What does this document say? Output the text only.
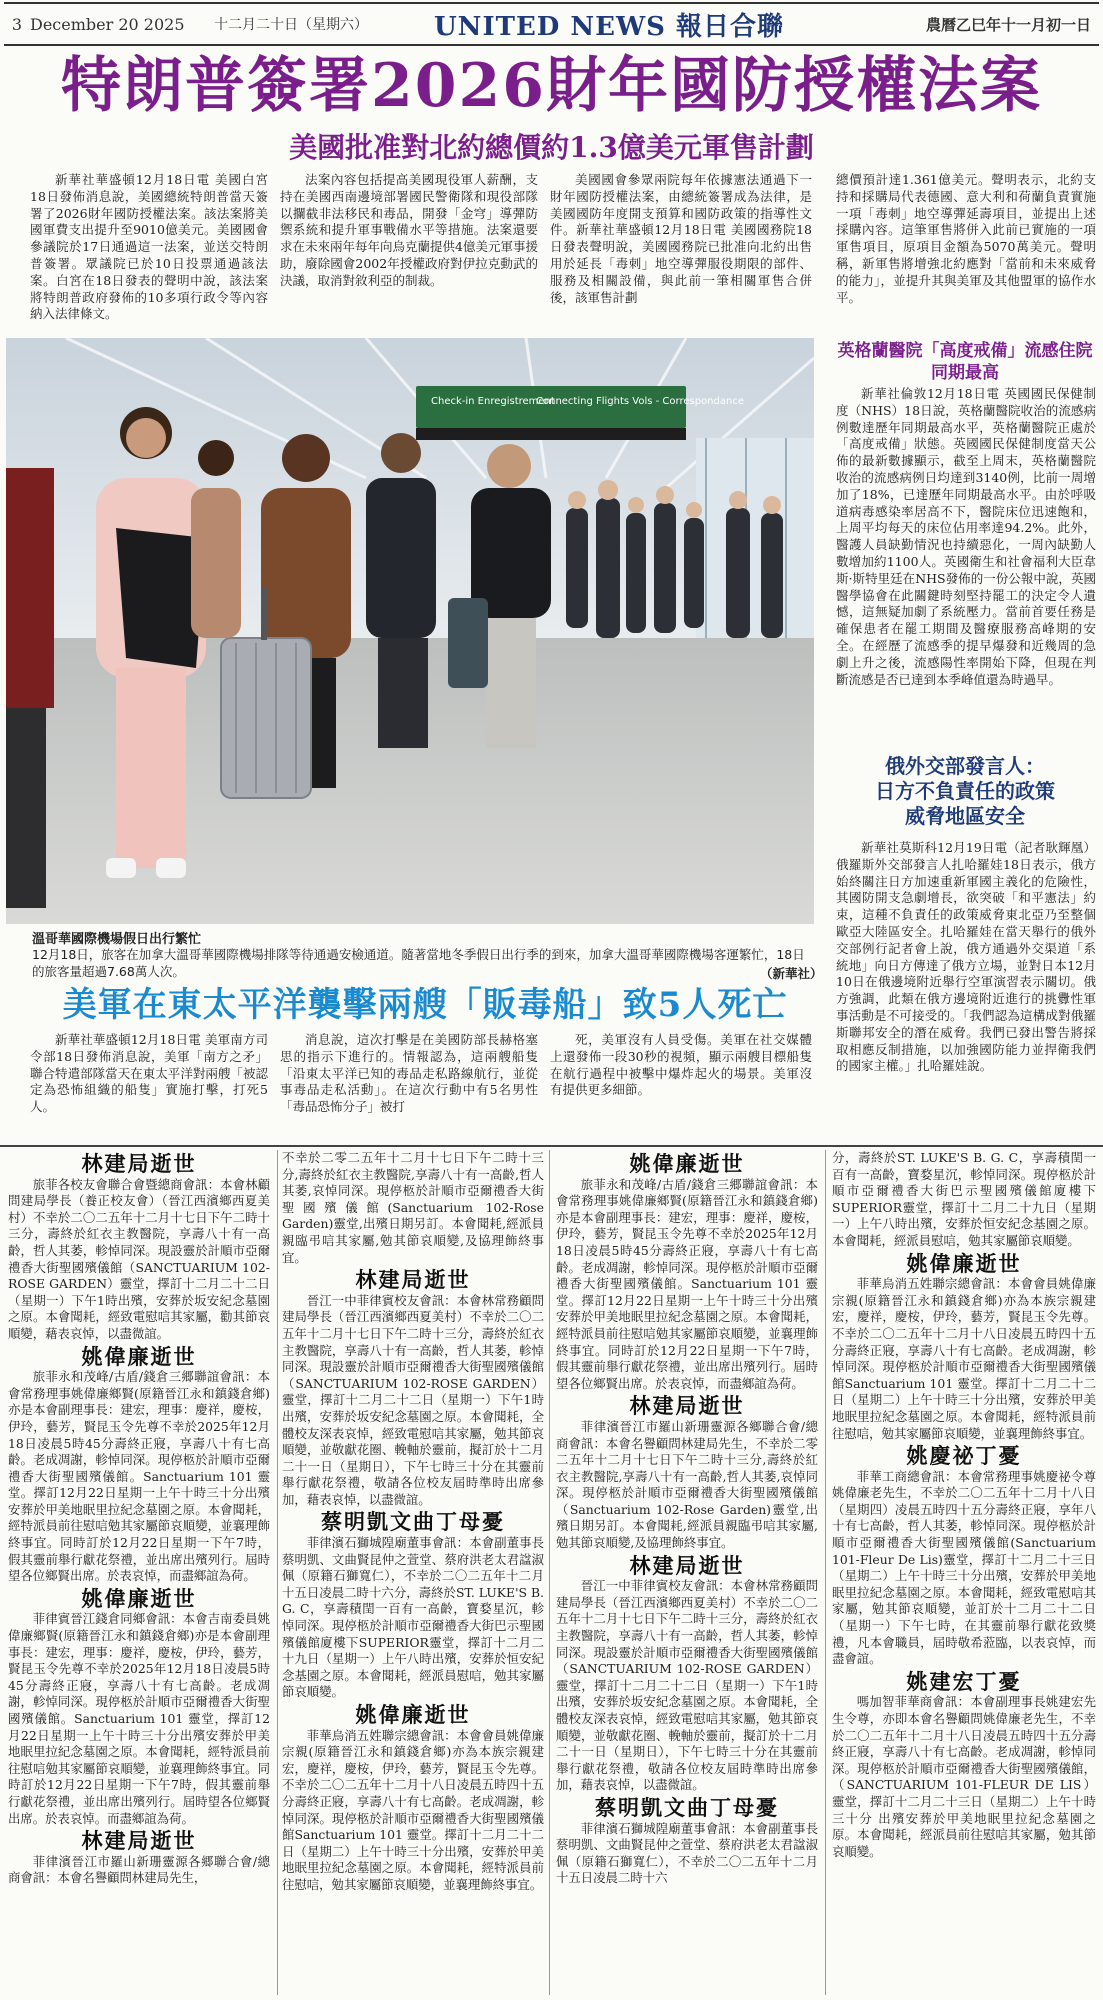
3 December 20 2025 十二月二十日（星期六）	UNITED NEWS 報日合聯	農曆乙巳年十一月初一日
特朗普簽署2026財年國防授權法案
美國批准對北約總價約1.3億美元軍售計劃

新華社華盛頓12月18日電 美國白宮18日發佈消息說，美國總統特朗普當天簽署了2026財年國防授權法案。該法案將美國軍費支出提升至9010億美元。美國國會參議院於17日通過這一法案，並送交特朗普簽署。眾議院已於10日投票通過該法案。白宮在18日發表的聲明中說，該法案將特朗普政府發佈的10多項行政令等內容納入法律條文。

法案內容包括提高美國現役軍人薪酬，支持在美國西南邊境部署國民警衛隊和現役部隊以攔截非法移民和毒品，開發「金穹」導彈防禦系統和提升軍事戰備水平等措施。法案還要求在未來兩年每年向烏克蘭提供4億美元軍事援助，廢除國會2002年授權政府對伊拉克動武的決議，取消對敘利亞的制裁。

美國國會參眾兩院每年依據憲法通過下一財年國防授權法案，由總統簽署成為法律，是美國國防年度開支預算和國防政策的指導性文件。新華社華盛頓12月18日電 美國國務院18日發表聲明說，美國國務院已批准向北約出售用於延長「毒刺」地空導彈服役期限的部件、服務及相關設備，與此前一筆相關軍售合併後，該軍售計劃

總價預計達1.361億美元。聲明表示，北約支持和採購局代表德國、意大利和荷蘭負責實施一項「毒刺」地空導彈延壽項目，並提出上述採購內容。這筆軍售將併入此前已實施的一項軍售項目，原項目金額為5070萬美元。聲明稱，新軍售將增強北約應對「當前和未來威脅的能力」，並提升其與美軍及其他盟軍的協作水平。

Check-in Enregistrement
Connecting Flights Vols - Correspondance
溫哥華國際機場假日出行繁忙
12月18日，旅客在加拿大溫哥華國際機場排隊等待通過安檢通道。隨著當地冬季假日出行季的到來，加拿大溫哥華國際機場客運繁忙，18日的旅客量超過7.68萬人次。	（新華社）
英格蘭醫院「高度戒備」流感住院同期最高

新華社倫敦12月18日電 英國國民保健制度（NHS）18日說，英格蘭醫院收治的流感病例數達歷年同期最高水平，英格蘭醫院正處於「高度戒備」狀態。英國國民保健制度當天公佈的最新數據顯示，截至上周末，英格蘭醫院收治的流感病例日均達到3140例，比前一周增加了18%，已達歷年同期最高水平。由於呼吸道病毒感染率居高不下，醫院床位迅速飽和，上周平均每天的床位佔用率達94.2%。此外，醫護人員缺勤情況也持續惡化，一周內缺勤人數增加約1100人。英國衛生和社會福利大臣韋斯·斯特里廷在NHS發佈的一份公報中說，英國醫學協會在此關鍵時刻堅持罷工的決定令人遺憾，這無疑加劇了系統壓力。當前首要任務是確保患者在罷工期間及醫療服務高峰期的安全。在經歷了流感季的提早爆發和近幾周的急劇上升之後，流感陽性率開始下降，但現在判斷流感是否已達到本季峰值還為時過早。

俄外交部發言人：
日方不負責任的政策
威脅地區安全

新華社莫斯科12月19日電（記者耿輝凰）俄羅斯外交部發言人扎哈羅娃18日表示，俄方始終關注日方加速重新軍國主義化的危險性，其國防開支急劇增長，欲突破「和平憲法」約束，這種不負責任的政策威脅東北亞乃至整個歐亞大陸區安全。扎哈羅娃在當天舉行的俄外交部例行記者會上說，俄方通過外交渠道「系統地」向日方傳達了俄方立場，並對日本12月10日在俄邊境附近舉行空軍演習表示關切。俄方強調，此類在俄方邊境附近進行的挑釁性軍事活動是不可接受的。「我們認為這構成對俄羅斯聯邦安全的潛在威脅。我們已發出警告將採取相應反制措施，以加強國防能力並捍衛我們的國家主權。」扎哈羅娃說。

美軍在東太平洋襲擊兩艘「販毒船」致5人死亡

新華社華盛頓12月18日電 美軍南方司令部18日發佈消息說，美軍「南方之矛」聯合特遣部隊當天在東太平洋對兩艘「被認定為恐怖組織的船隻」實施打擊，打死5人。

消息說，這次打擊是在美國防部長赫格塞思的指示下進行的。情報認為，這兩艘船隻「沿東太平洋已知的毒品走私路線航行，並從事毒品走私活動」。在這次行動中有5名男性「毒品恐怖分子」被打

死，美軍沒有人員受傷。美軍在社交媒體上還發佈一段30秒的視頻，顯示兩艘目標船隻在航行過程中被擊中爆炸起火的場景。美軍沒有提供更多細節。

林建局逝世

旅菲各校友會聯合會暨總商會訊：本會林顧問建局學長（養正校友會）（晉江西濱鄉西夏美村）不幸於二〇二五年十二月十七日下午二時十三分，壽終於紅衣主教醫院，享壽八十有一高齡，哲人其萎，軫悼同深。現設靈於計順市亞爾禮香大街聖國殯儀館（SANCTUARIUM 102-ROSE GARDEN）靈堂，擇訂十二月二十二日（星期一）下午1時出殯，安葬於坂安紀念墓園之原。本會聞耗，經致電慰唁其家屬，勸其節哀順變，藉表哀悼，以盡微誼。

姚偉廉逝世

旅菲永和茂峰/古盾/錢倉三郷聯誼會訊：本會常務理事姚偉廉鄉賢(原籍晉江永和鎮錢倉鄉)亦是本會副理事長：建宏，理事：慶祥，慶桉，伊玲，藝芳，賢昆玉令先尊不幸於2025年12月18日凌晨5時45分壽終正寢，享壽八十有七高齡。老成凋謝，軫悼同深。現停柩於計順市亞爾禮香大街聖國殯儀館。Sanctuarium 101 靈堂。擇訂12月22日星期一上午十時三十分出殯安葬於甲美地眠里拉紀念墓園之原。本會聞耗，經特派員前往慰唁勉其家屬節哀順變，並襄理飾終事宜。同時訂於12月22日星期一下午7時，假其靈前舉行獻花祭禮，並出席出殯列行。屆時望各位鄉賢出席。於表哀悼，而盡鄉誼為荷。

姚偉廉逝世

菲律賓晉江錢倉同鄉會訊：本會吉南委員姚偉廉鄉賢(原籍晉江永和鎮錢倉鄉)亦是本會副理事長：建宏，理事：慶祥，慶桉，伊玲，藝芳，賢昆玉令先尊不幸於2025年12月18日凌晨5時45分壽終正寢，享壽八十有七高齡。老成凋謝，軫悼同深。現停柩於計順市亞爾禮香大街聖國殯儀館。Sanctuarium 101 靈堂，擇訂12月22日星期一上午十時三十分出殯安葬於甲美地眠里拉紀念墓園之原。本會聞耗，經特派員前往慰唁勉其家屬節哀順變，並襄理飾終事宜。同時訂於12月22日星期一下午7時，假其靈前舉行獻花祭禮，並出席出殯列行。屆時望各位鄉賢出席。於表哀悼。而盡鄉誼為荷。

林建局逝世

菲律濱晉江市羅山新珊靈源各郷聯合會/總商會訊：本會名譽顧問林建局先生，

不幸於二零二五年十二月十七日下午二時十三分,壽終於紅衣主教醫院,享壽八十有一高齡,哲人其萎,哀悼同深。現停柩於計順市亞爾禮香大街聖國殯儀館(Sanctuarium 102-Rose Garden)靈堂,出殯日期另訂。本會聞耗,經派員親臨弔唁其家屬,勉其節哀順變,及協理飾終事宜。

林建局逝世

晉江一中菲律賓校友會訊：本會林常務顧問建局學長（晉江西濱鄉西夏美村）不幸於二〇二五年十二月十七日下午二時十三分，壽終於紅衣主教醫院，享壽八十有一高齡，哲人其萎，軫悼同深。現設靈於計順市亞爾禮香大街聖國殯儀館（SANCTUARIUM 102-ROSE GARDEN）靈堂，擇訂十二月二十二日（星期一）下午1時出殯，安葬於坂安紀念墓園之原。本會聞耗，全體校友深表哀悼，經致電慰唁其家屬，勉其節哀順變，並敬獻花圈、輓軸於靈前，擬訂於十二月二十一日（星期日），下午七時三十分在其靈前舉行獻花祭禮，敬請各位校友屆時準時出席參加，藉表哀悼，以盡微誼。

蔡明凱文曲丁母憂

菲律濱石獅城隍廟董事會訊：本會副董事長蔡明凱、文曲賢昆仲之萱堂、蔡府洪老太君諡淑佩（原籍石獅寬仁），不幸於二〇二五年十二月十五日凌晨二時十六分，壽終於ST. LUKE'S B. G. C，享壽積閏一百有一高齡，寶婺星沉，軫悼同深。現停柩於計順市亞爾禮香大街巴示聖國殯儀館廈樓下SUPERIOR靈堂，擇訂十二月二十九日（星期一）上午八時出殯，安葬於恒安紀念基園之原。本會聞耗，經派員慰唁，勉其家屬節哀順變。

姚偉廉逝世

菲華烏消五姓聯宗總會訊：本會會員姚偉廉宗親(原籍晉江永和鎮錢倉鄉)亦為本族宗親建宏，慶祥，慶桉，伊玲，藝芳，賢昆玉令先尊。不幸於二〇二五年十二月十八日凌晨五時四十五分壽終正寢，享壽八十有七高齡。老成凋謝，軫悼同深。現停柩於計順市亞爾禮香大街聖國殯儀館Sanctuarium 101 靈堂。擇訂十二月二十二日（星期二）上午十時三十分出殯，安葬於甲美地眠里拉紀念墓園之原。本會聞耗，經特派員前往慰唁，勉其家屬節哀順變，並襄理飾終事宜。

姚偉廉逝世

旅菲永和茂峰/古盾/錢倉三郷聯誼會訊：本會常務理事姚偉廉鄉賢(原籍晉江永和鎮錢倉鄉)亦是本會副理事長：建宏，理事：慶祥，慶桉，伊玲，藝芳，賢昆玉令先尊不幸於2025年12月18日凌晨5時45分壽終正寢，享壽八十有七高齡。老成凋謝，軫悼同深。現停柩於計順市亞爾禮香大街聖國殯儀館。Sanctuarium 101 靈堂。擇訂12月22日星期一上午十時三十分出殯安葬於甲美地眠里拉紀念墓園之原。本會聞耗，經特派員前往慰唁勉其家屬節哀順變，並襄理飾終事宜。同時訂於12月22日星期一下午7時，假其靈前舉行獻花祭禮，並出席出殯列行。屆時望各位鄉賢出席。於表哀悼，而盡鄉誼為荷。

林建局逝世

菲律濱晉江市羅山新珊靈源各鄉聯合會/總商會訊：本會名譽顧問林建局先生，不幸於二零二五年十二月十七日下午二時十三分,壽終於紅衣主教醫院,享壽八十有一高齡,哲人其萎,哀悼同深。現停柩於計順市亞爾禮香大街聖國殯儀館（Sanctuarium 102-Rose Garden)靈堂,出殯日期另訂。本會聞耗,經派員親臨弔唁其家屬,勉其節哀順變,及協理飾終事宜。

林建局逝世

晉江一中菲律賓校友會訊：本會林常務顧問建局學長（晉江西濱鄉西夏美村）不幸於二〇二五年十二月十七日下午二時十三分，壽終於紅衣主教醫院，享壽八十有一高齡，哲人其萎，軫悼同深。現設靈於計順市亞爾禮香大街聖國殯儀館（SANCTUARIUM 102-ROSE GARDEN）靈堂，擇訂十二月二十二日（星期一）下午1時出殯，安葬於坂安紀念墓園之原。本會聞耗，全體校友深表哀悼，經致電慰唁其家屬，勉其節哀順變，並敬獻花圈、輓軸於靈前，擬訂於十二月二十一日（星期日），下午七時三十分在其靈前舉行獻花祭禮，敬請各位校友屆時準時出席參加，藉表哀悼，以盡微誼。

蔡明凱文曲丁母憂

菲律濱石獅城隍廟董事會訊：本會副董事長蔡明凱、文曲賢昆仲之萱堂、蔡府洪老太君諡淑佩（原籍石獅寬仁），不幸於二〇二五年十二月十五日凌晨二時十六

分，壽終於ST. LUKE'S B. G. C，享壽積閏一百有一高齡，寶婺星沉，軫悼同深。現停柩於計順市亞爾禮香大街巴示聖國殯儀館廈樓下SUPERIOR靈堂，擇訂十二月二十九日（星期一）上午八時出殯，安葬於恒安紀念基園之原。本會聞耗，經派員慰唁，勉其家屬節哀順變。

姚偉廉逝世

菲華烏消五姓聯宗總會訊：本會會員姚偉廉宗親(原籍晉江永和鎮錢倉鄉)亦為本族宗親建宏，慶祥，慶桉，伊玲，藝芳，賢昆玉令先尊。不幸於二〇二五年十二月十八日凌晨五時四十五分壽終正寢，享壽八十有七高齡。老成凋謝，軫悼同深。現停柩於計順市亞爾禮香大街聖國殯儀館Sanctuarium 101 靈堂。擇訂十二月二十二日（星期二）上午十時三十分出殯，安葬於甲美地眠里拉紀念墓園之原。本會聞耗，經特派員前往慰唁，勉其家屬節哀順變，並襄理飾終事宜。

姚慶祕丁憂

菲華工商總會訊：本會常務理事姚慶祕令尊姚偉廉老先生，不幸於二〇二五年十二月十八日（星期四）凌晨五時四十五分壽終正寢，享年八十有七高齡，哲人其萎，軫悼同深。現停柩於計順市亞爾禮香大街聖國殯儀館(Sanctuarium 101-Fleur De Lis)靈堂，擇訂十二月二十三日（星期二）上午十時三十分出殯，安葬於甲美地眠里拉紀念墓園之原。本會聞耗，經致電慰唁其家屬，勉其節哀順變，並訂於十二月二十二日（星期一）下午七時，在其靈前舉行獻花致獎禮，凡本會職員，屆時敬希蒞臨，以表哀悼，而盡會誼。

姚建宏丁憂

嗎加智菲華商會訊：本會副理事長姚建宏先生令尊，亦即本會名譽顧問姚偉廉老先生，不幸於二〇二五年十二月十八日凌晨五時四十五分壽終正寢，享壽八十有七高齡。老成凋謝，軫悼同深。現停柩於計順市亞爾禮香大街聖國殯儀館，（SANCTUARIUM 101-FLEUR DE LIS）靈堂，擇訂十二月二十三日（星期二）上午十時三十分 出殯安葬於甲美地眠里拉紀念墓園之原。本會聞耗，經派員前往慰唁其家屬，勉其節哀順變。
